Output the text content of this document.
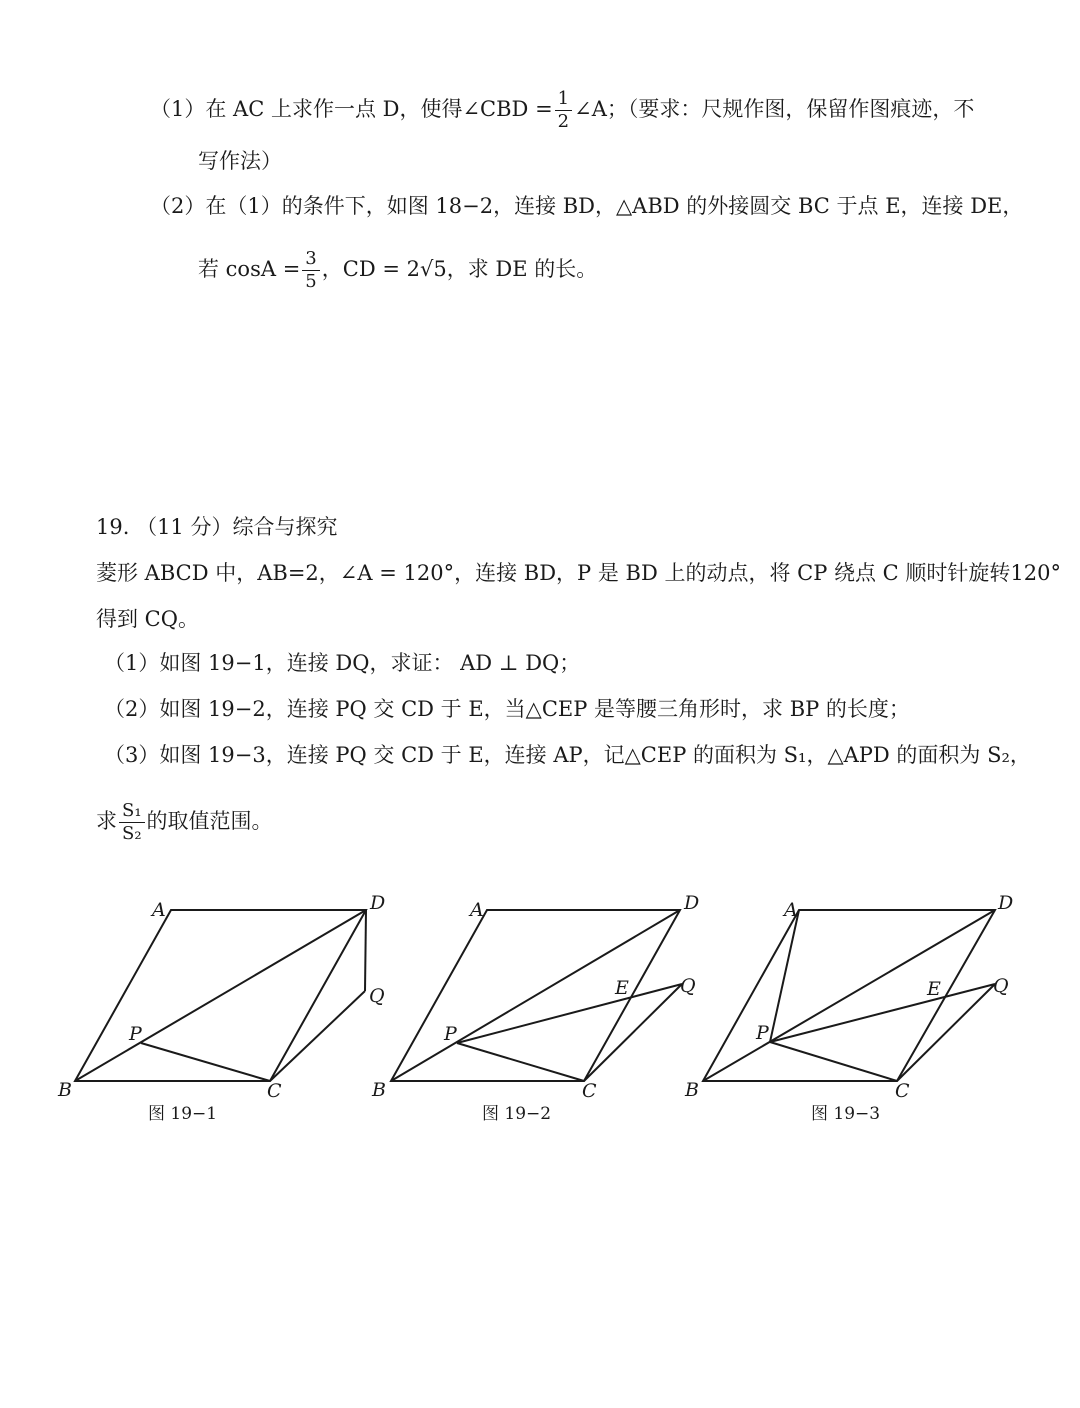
（1）在 AC 上求作一点 D，使得∠CBD = $\frac{1}{2}$ ∠A；（要求：尺规作图，保留作图痕迹，不
写作法）
（2）在（1）的条件下，如图 18−2，连接 BD，△ABD 的外接圆交 BC 于点 E，连接 DE，
若 $\cos A = \frac{3}{5}$ ，CD = 2√5，求 DE 的长。
19. （11 分）综合与探究
菱形 ABCD 中，AB=2，∠A = 120°，连接 BD，P 是 BD 上的动点，将 CP 绕点 C 顺时针旋转120°
得到 CQ。
（1）如图 19−1，连接 DQ，求证： AD ⊥ DQ；
（2）如图 19−2，连接 PQ 交 CD 于 E，当△CEP 是等腰三角形时，求 BP 的长度；
（3）如图 19−3，连接 PQ 交 CD 于 E，连接 AP，记△CEP 的面积为 S₁，△APD 的面积为 S₂，
求 $\frac{\text{S₁}}{\text{S₂}}$ 的取值范围。
A	D
B	C
P
Q
图 19−1
A	D
B	C
P
Q
E
图 19−2
A	D
B	C
P
Q
E
图 19−3
